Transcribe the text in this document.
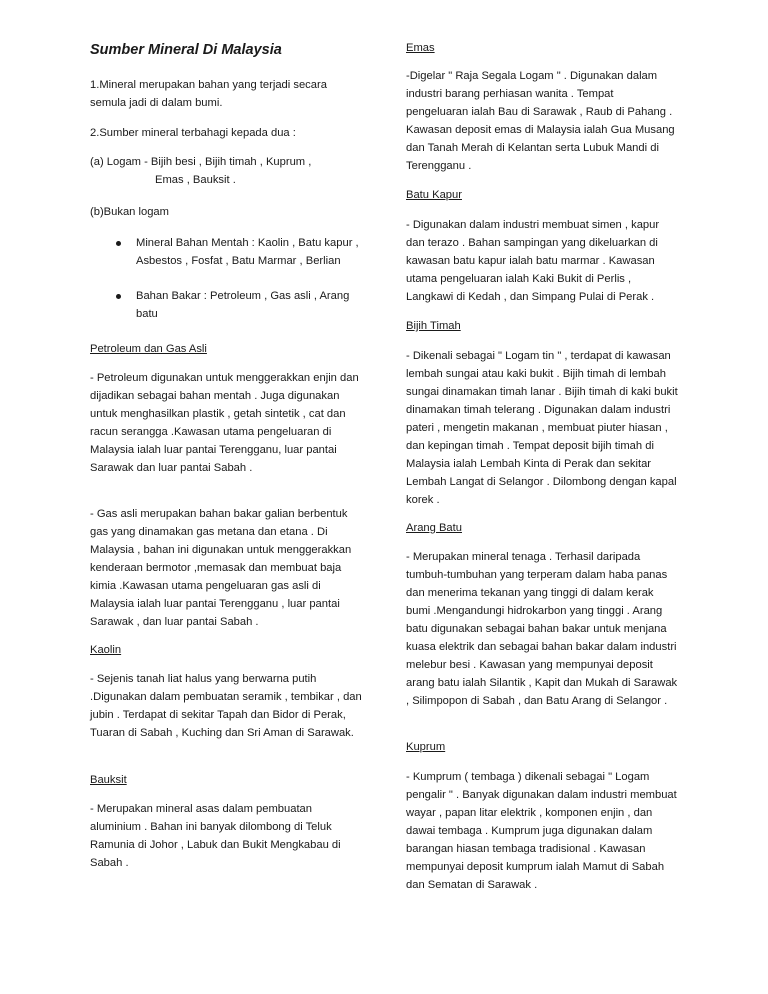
Sumber Mineral Di Malaysia

1.Mineral merupakan bahan yang terjadi secara semula jadi di dalam bumi.

2.Sumber mineral terbahagi kepada dua :

(a) Logam - Bijih besi , Bijih timah , Kuprum ,

Emas , Bauksit .

(b)Bukan logam

Mineral Bahan Mentah : Kaolin , Batu kapur , Asbestos , Fosfat , Batu Marmar , Berlian
Bahan Bakar : Petroleum , Gas asli , Arang batu
Petroleum dan Gas Asli

- Petroleum digunakan untuk menggerakkan enjin dan dijadikan sebagai bahan mentah . Juga digunakan untuk menghasilkan plastik , getah sintetik , cat dan racun serangga .Kawasan utama pengeluaran di Malaysia ialah luar pantai Terengganu, luar pantai Sarawak dan luar pantai Sabah .

- Gas asli merupakan bahan bakar galian berbentuk gas yang dinamakan gas metana dan etana . Di Malaysia , bahan ini digunakan untuk menggerakkan kenderaan bermotor ,memasak dan membuat baja kimia .Kawasan utama pengeluaran gas asli di Malaysia ialah luar pantai Terengganu , luar pantai Sarawak , dan luar pantai Sabah .

Kaolin

- Sejenis tanah liat halus yang berwarna putih .Digunakan dalam pembuatan seramik , tembikar , dan jubin . Terdapat di sekitar Tapah dan Bidor di Perak, Tuaran di Sabah , Kuching dan Sri Aman di Sarawak.

Bauksit

- Merupakan mineral asas dalam pembuatan aluminium . Bahan ini banyak dilombong di Teluk Ramunia di Johor , Labuk dan Bukit Mengkabau di Sabah .

Emas

-Digelar " Raja Segala Logam " . Digunakan dalam industri barang perhiasan wanita . Tempat pengeluaran ialah Bau di Sarawak , Raub di Pahang . Kawasan deposit emas di Malaysia ialah Gua Musang dan Tanah Merah di Kelantan serta Lubuk Mandi di Terengganu .

Batu Kapur

- Digunakan dalam industri membuat simen , kapur dan terazo . Bahan sampingan yang dikeluarkan di kawasan batu kapur ialah batu marmar . Kawasan utama pengeluaran ialah Kaki Bukit di Perlis , Langkawi di Kedah , dan Simpang Pulai di Perak .

Bijih Timah

- Dikenali sebagai " Logam tin " , terdapat di kawasan lembah sungai atau kaki bukit . Bijih timah di lembah sungai dinamakan timah lanar . Bijih timah di kaki bukit dinamakan timah telerang . Digunakan dalam industri pateri , mengetin makanan , membuat piuter hiasan , dan kepingan timah . Tempat deposit bijih timah di Malaysia ialah Lembah Kinta di Perak dan sekitar Lembah Langat di Selangor . Dilombong dengan kapal korek .

Arang Batu

- Merupakan mineral tenaga . Terhasil daripada tumbuh-tumbuhan yang terperam dalam haba panas dan menerima tekanan yang tinggi di dalam kerak bumi .Mengandungi hidrokarbon yang tinggi . Arang batu digunakan sebagai bahan bakar untuk menjana kuasa elektrik dan sebagai bahan bakar dalam industri melebur besi . Kawasan yang mempunyai deposit arang batu ialah Silantik , Kapit dan Mukah di Sarawak , Silimpopon di Sabah , dan Batu Arang di Selangor .

Kuprum

- Kumprum ( tembaga ) dikenali sebagai " Logam pengalir " . Banyak digunakan dalam industri membuat wayar , papan litar elektrik , komponen enjin , dan dawai tembaga . Kumprum juga digunakan dalam barangan hiasan tembaga tradisional . Kawasan mempunyai deposit kumprum ialah Mamut di Sabah dan Sematan di Sarawak .
